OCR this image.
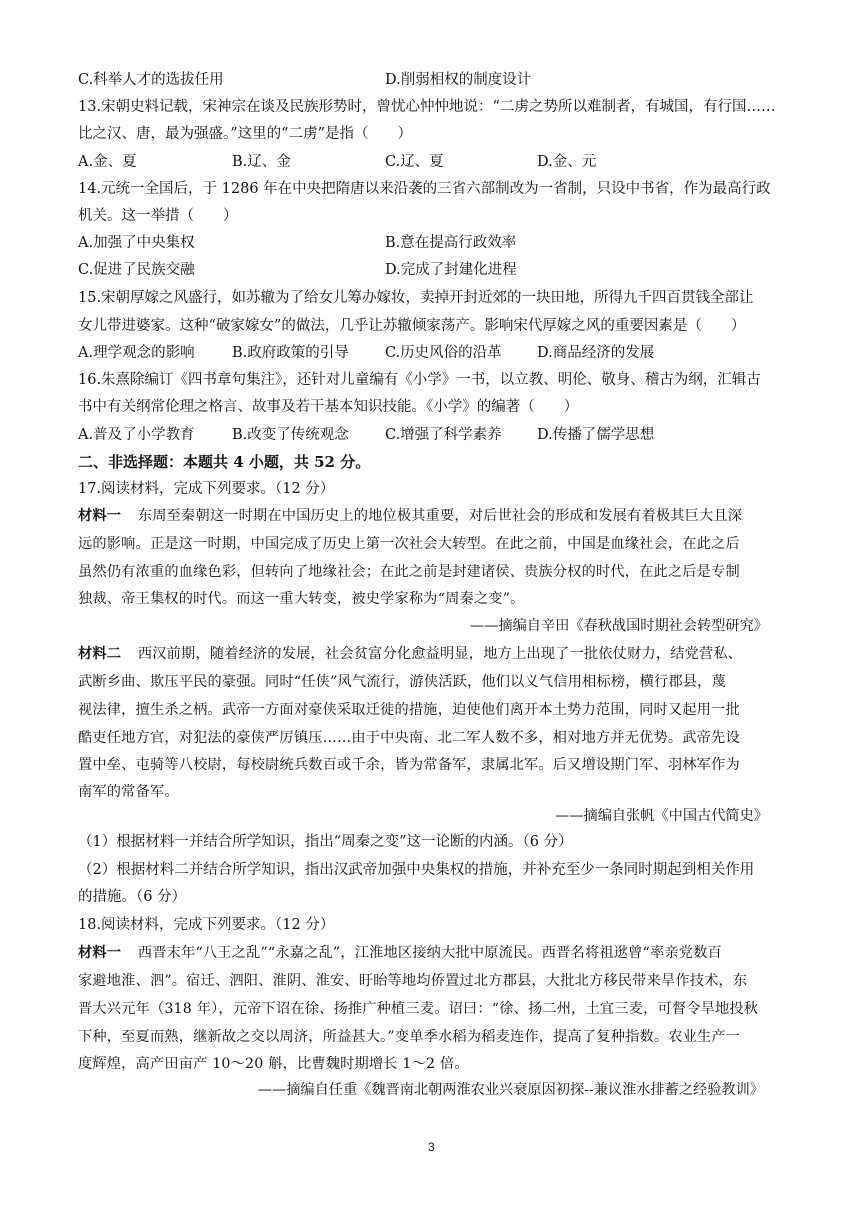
C.科举人才的选拔任用	D.削弱相权的制度设计
13.宋朝史料记载，宋神宗在谈及民族形势时，曾忧心忡忡地说：“二虏之势所以难制者，有城国，有行国……
比之汉、唐，最为强盛。”这里的“二虏”是指（　　）
A.金、夏	B.辽、金	C.辽、夏	D.金、元
14.元统一全国后，于 1286 年在中央把隋唐以来沿袭的三省六部制改为一省制，只设中书省，作为最高行政
机关。这一举措（　　）
A.加强了中央集权	B.意在提高行政效率
C.促进了民族交融	D.完成了封建化进程
15.宋朝厚嫁之风盛行，如苏辙为了给女儿筹办嫁妆，卖掉开封近郊的一块田地，所得九千四百贯钱全部让
女儿带进婆家。这种“破家嫁女”的做法，几乎让苏辙倾家荡产。影响宋代厚嫁之风的重要因素是（　　）
A.理学观念的影响	B.政府政策的引导 C.历史风俗的沿革 D.商品经济的发展
16.朱熹除编订《四书章句集注》，还针对儿童编有《小学》一书，以立教、明伦、敬身、稽古为纲，汇辑古
书中有关纲常伦理之格言、故事及若干基本知识技能。《小学》的编著（　　）
A.普及了小学教育	B.改变了传统观念 C.增强了科学素养 D.传播了儒学思想
二、非选择题：本题共 4 小题，共 52 分。
17.阅读材料，完成下列要求。（12 分）
材料一 东周至秦朝这一时期在中国历史上的地位极其重要，对后世社会的形成和发展有着极其巨大且深
远的影响。正是这一时期，中国完成了历史上第一次社会大转型。在此之前，中国是血缘社会，在此之后
虽然仍有浓重的血缘色彩，但转向了地缘社会；在此之前是封建诸侯、贵族分权的时代，在此之后是专制
独裁、帝王集权的时代。而这一重大转变，被史学家称为“周秦之变”。
——摘编自辛田《春秋战国时期社会转型研究》
材料二 西汉前期，随着经济的发展，社会贫富分化愈益明显，地方上出现了一批依仗财力，结党营私、
武断乡曲、欺压平民的豪强。同时“任侠”风气流行，游侠活跃，他们以义气信用相标榜，横行郡县，蔑
视法律，擅生杀之柄。武帝一方面对豪侠采取迁徙的措施，迫使他们离开本土势力范围，同时又起用一批
酷吏任地方官，对犯法的豪侠严厉镇压……由于中央南、北二军人数不多，相对地方并无优势。武帝先设
置中垒、屯骑等八校尉，每校尉统兵数百或千余，皆为常备军，隶属北军。后又增设期门军、羽林军作为
南军的常备军。
——摘编自张帆《中国古代简史》
（1）根据材料一并结合所学知识，指出“周秦之变”这一论断的内涵。（6 分）
（2）根据材料二并结合所学知识，指出汉武帝加强中央集权的措施，并补充至少一条同时期起到相关作用
的措施。（6 分）
18.阅读材料，完成下列要求。（12 分）
材料一 西晋末年“八王之乱”“永嘉之乱”，江淮地区接纳大批中原流民。西晋名将祖逖曾“率亲党数百
家避地淮、泗”。宿迁、泗阳、淮阴、淮安、盱眙等地均侨置过北方郡县，大批北方移民带来旱作技术，东
晋大兴元年（318 年），元帝下诏在徐、扬推广种植三麦。诏曰：“徐、扬二州，土宜三麦，可督令旱地投秋
下种，至夏而熟，继新故之交以周济，所益甚大。”变单季水稻为稻麦连作，提高了复种指数。农业生产一
度辉煌，高产田亩产 10～20 斛，比曹魏时期增长 1～2 倍。
——摘编自任重《魏晋南北朝两淮农业兴衰原因初探--兼议淮水排蓄之经验教训》
3
